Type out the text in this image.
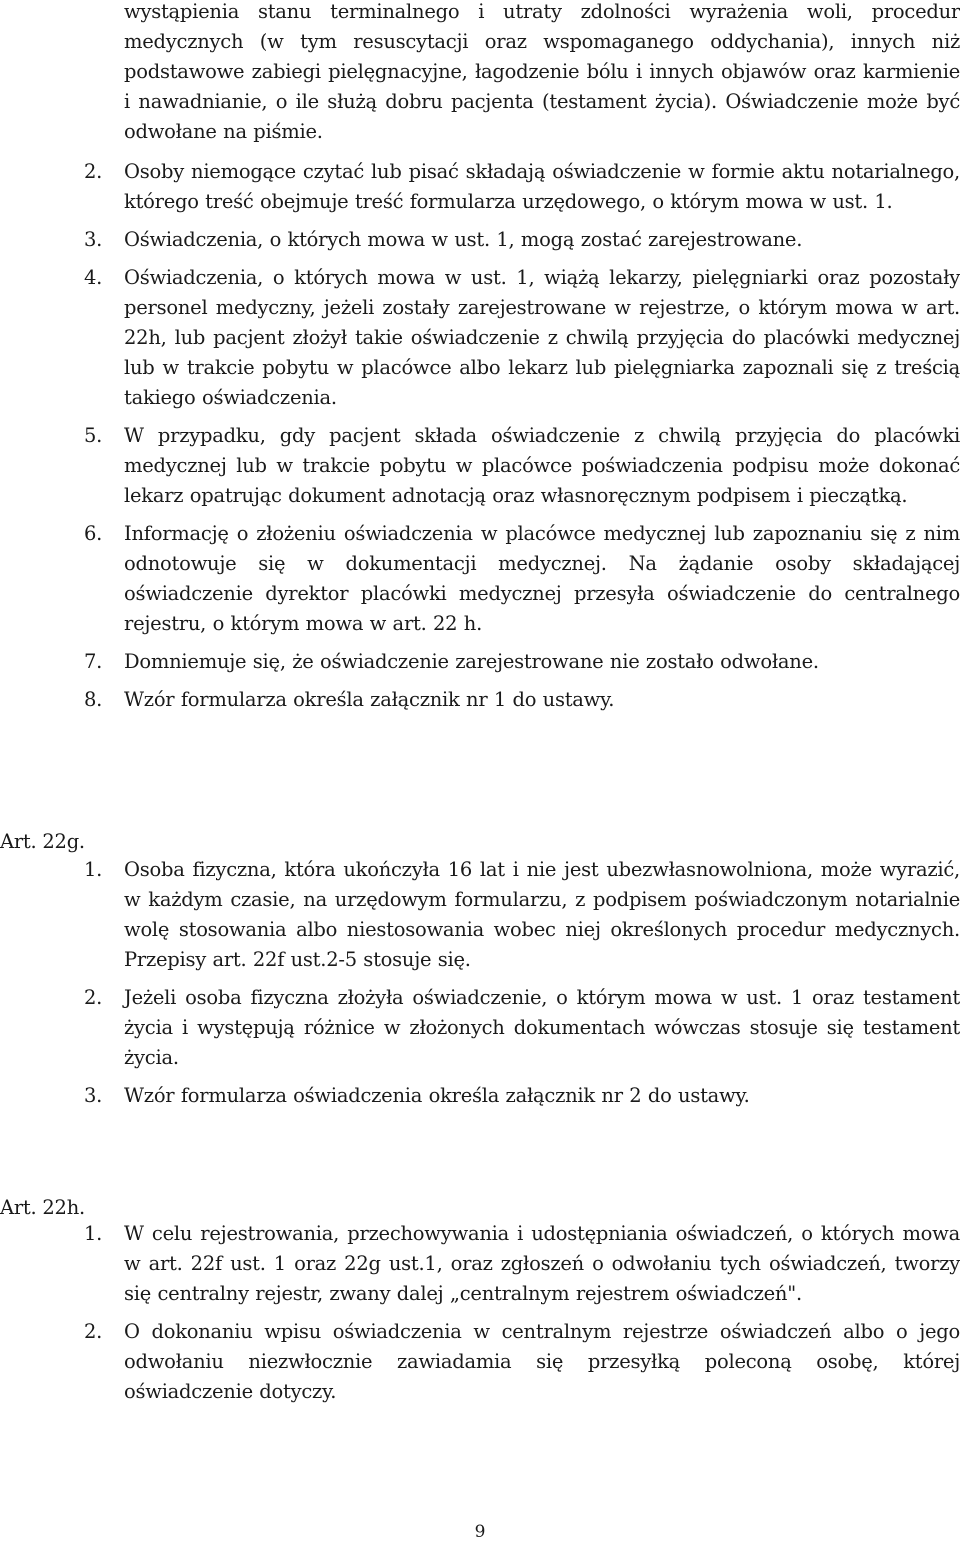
wystąpienia stanu terminalnego i utraty zdolności wyrażenia woli, procedur medycznych (w tym resuscytacji oraz wspomaganego oddychania), innych niż podstawowe zabiegi pielęgnacyjne, łagodzenie bólu i innych objawów oraz karmienie i nawadnianie, o ile służą dobru pacjenta (testament życia). Oświadczenie może być odwołane na piśmie.
2.	Osoby niemogące czytać lub pisać składają oświadczenie w formie aktu notarialnego, którego treść obejmuje treść formularza urzędowego, o którym mowa w ust. 1.
3.	Oświadczenia, o których mowa w ust. 1, mogą zostać zarejestrowane.
4.	Oświadczenia, o których mowa w ust. 1, wiążą lekarzy, pielęgniarki oraz pozostały personel medyczny, jeżeli zostały zarejestrowane w rejestrze, o którym mowa w art. 22h, lub pacjent złożył takie oświadczenie z chwilą przyjęcia do placówki medycznej lub w trakcie pobytu w placówce albo lekarz lub pielęgniarka zapoznali się z treścią takiego oświadczenia.
5.	W przypadku, gdy pacjent składa oświadczenie z chwilą przyjęcia do placówki medycznej lub w trakcie pobytu w placówce poświadczenia podpisu może dokonać lekarz opatrując dokument adnotacją oraz własnoręcznym podpisem i pieczątką.
6.	Informację o złożeniu oświadczenia w placówce medycznej lub zapoznaniu się z nim odnotowuje się w dokumentacji medycznej. Na żądanie osoby składającej oświadczenie dyrektor placówki medycznej przesyła oświadczenie do centralnego rejestru, o którym mowa w art. 22 h.
7.	Domniemuje się, że oświadczenie zarejestrowane nie zostało odwołane.
8.	Wzór formularza określa załącznik nr 1 do ustawy.
Art. 22g.
1.	Osoba fizyczna, która ukończyła 16 lat i nie jest ubezwłasnowolniona, może wyrazić, w każdym czasie, na urzędowym formularzu, z podpisem poświadczonym notarialnie wolę stosowania albo niestosowania wobec niej określonych procedur medycznych. Przepisy art. 22f ust.2-5 stosuje się.
2.	Jeżeli osoba fizyczna złożyła oświadczenie, o którym mowa w ust. 1 oraz testament życia i występują różnice w złożonych dokumentach wówczas stosuje się testament życia.
3.	Wzór formularza oświadczenia określa załącznik nr 2 do ustawy.
Art. 22h.
1.	W celu rejestrowania, przechowywania i udostępniania oświadczeń, o których mowa w art. 22f ust. 1 oraz 22g ust.1, oraz zgłoszeń o odwołaniu tych oświadczeń, tworzy się centralny rejestr, zwany dalej „centralnym rejestrem oświadczeń".
2.	O dokonaniu wpisu oświadczenia w centralnym rejestrze oświadczeń albo o jego odwołaniu niezwłocznie zawiadamia się przesyłką poleconą osobę, której oświadczenie dotyczy.
9
